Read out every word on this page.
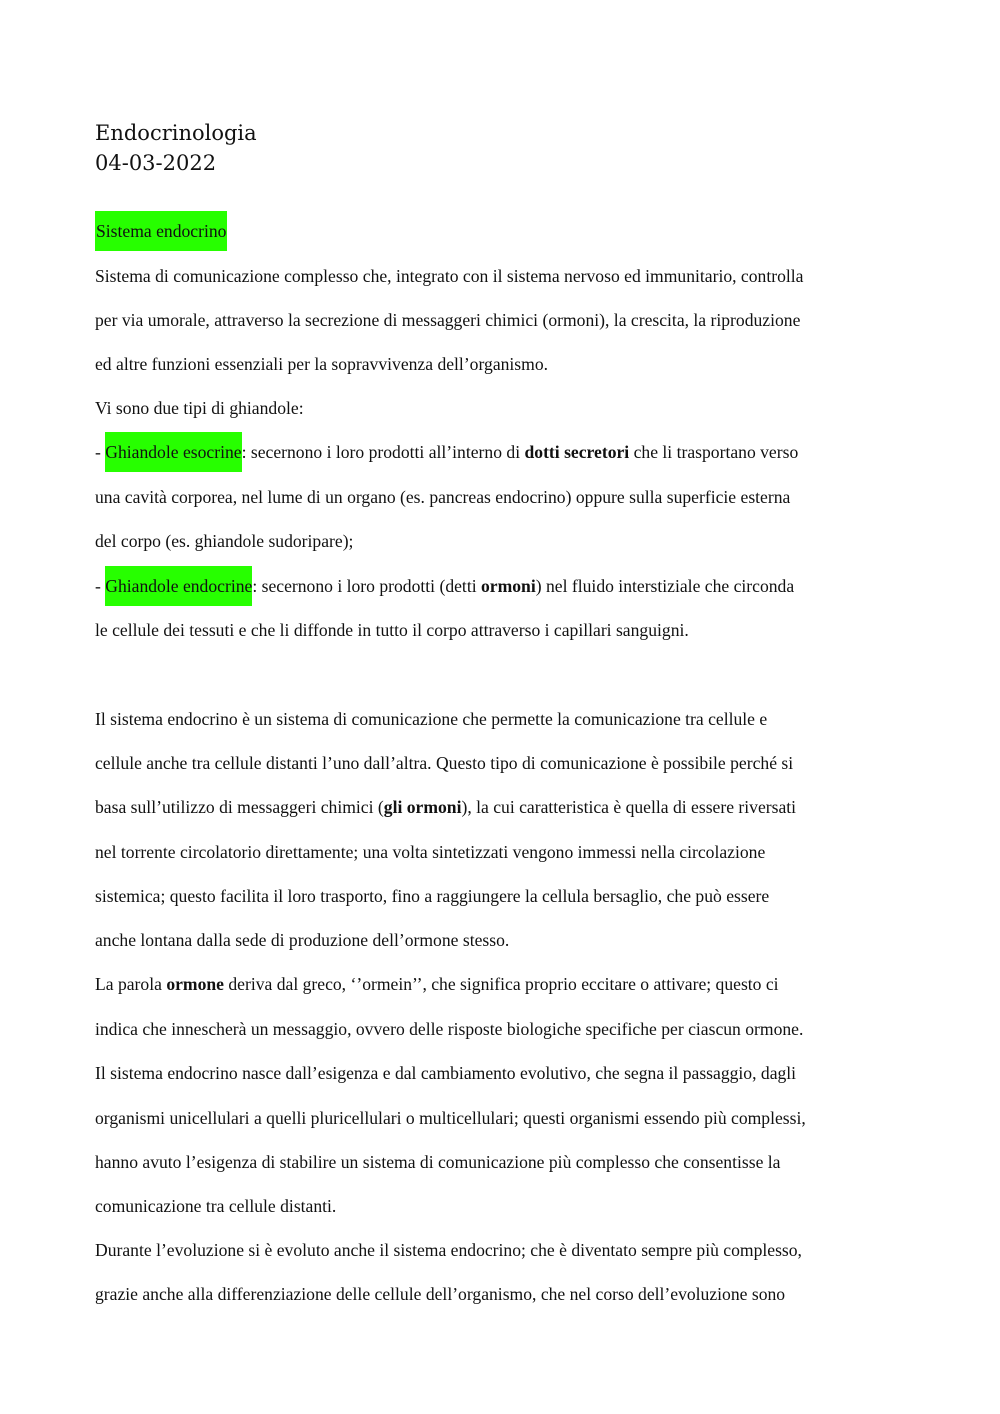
Endocrinologia
04-03-2022
Sistema endocrino
Sistema di comunicazione complesso che, integrato con il sistema nervoso ed immunitario, controlla
per via umorale, attraverso la secrezione di messaggeri chimici (ormoni), la crescita, la riproduzione
ed altre funzioni essenziali per la sopravvivenza dell’organismo.
Vi sono due tipi di ghiandole:
- Ghiandole esocrine: secernono i loro prodotti all’interno di dotti secretori che li trasportano verso
una cavità corporea, nel lume di un organo (es. pancreas endocrino) oppure sulla superficie esterna
del corpo (es. ghiandole sudoripare);
- Ghiandole endocrine: secernono i loro prodotti (detti ormoni) nel fluido interstiziale che circonda
le cellule dei tessuti e che li diffonde in tutto il corpo attraverso i capillari sanguigni.
Il sistema endocrino è un sistema di comunicazione che permette la comunicazione tra cellule e
cellule anche tra cellule distanti l’uno dall’altra. Questo tipo di comunicazione è possibile perché si
basa sull’utilizzo di messaggeri chimici (gli ormoni), la cui caratteristica è quella di essere riversati
nel torrente circolatorio direttamente; una volta sintetizzati vengono immessi nella circolazione
sistemica; questo facilita il loro trasporto, fino a raggiungere la cellula bersaglio, che può essere
anche lontana dalla sede di produzione dell’ormone stesso.
La parola ormone deriva dal greco, ‘’ormein’’, che significa proprio eccitare o attivare; questo ci
indica che innescherà un messaggio, ovvero delle risposte biologiche specifiche per ciascun ormone.
Il sistema endocrino nasce dall’esigenza e dal cambiamento evolutivo, che segna il passaggio, dagli
organismi unicellulari a quelli pluricellulari o multicellulari; questi organismi essendo più complessi,
hanno avuto l’esigenza di stabilire un sistema di comunicazione più complesso che consentisse la
comunicazione tra cellule distanti.
Durante l’evoluzione si è evoluto anche il sistema endocrino; che è diventato sempre più complesso,
grazie anche alla differenziazione delle cellule dell’organismo, che nel corso dell’evoluzione sono
